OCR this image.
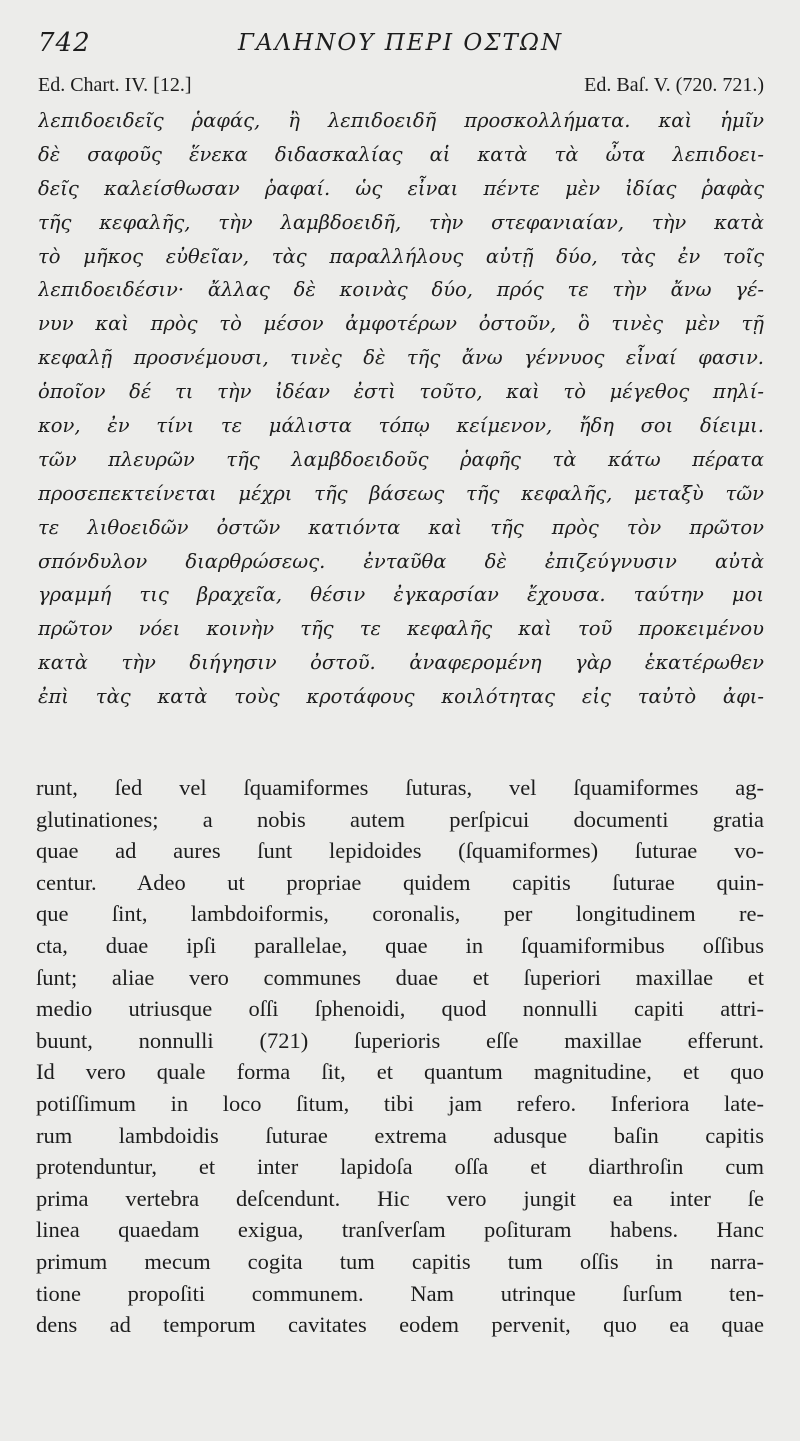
742	ΓΑΛΗΝΟΥ ΠΕΡΙ ΟΣΤΩΝ
Ed. Chart. IV. [12.]	Ed. Baſ. V. (720. 721.)
λεπιδοειδεῖς ῥαφάς, ἢ λεπιδοειδῆ προσκολλήματα. καὶ ἡμῖν
δὲ σαφοῦς ἕνεκα διδασκαλίας αἱ κατὰ τὰ ὦτα λεπιδοει-
δεῖς καλείσθωσαν ῥαφαί. ὡς εἶναι πέντε μὲν ἰδίας ῥαφὰς
τῆς κεφαλῆς, τὴν λαμβδοειδῆ, τὴν στεφανιαίαν, τὴν κατὰ
τὸ μῆκος εὐθεῖαν, τὰς παραλλήλους αὐτῇ δύο, τὰς ἐν τοῖς
λεπιδοειδέσιν· ἄλλας δὲ κοινὰς δύο, πρός τε τὴν ἄνω γέ-
νυν καὶ πρὸς τὸ μέσον ἀμφοτέρων ὀστοῦν, ὃ τινὲς μὲν τῇ
κεφαλῇ προσνέμουσι, τινὲς δὲ τῆς ἄνω γέννυος εἶναί φασιν.
ὁποῖον δέ τι τὴν ἰδέαν ἐστὶ τοῦτο, καὶ τὸ μέγεθος πηλί-
κον, ἐν τίνι τε μάλιστα τόπῳ κείμενον, ἤδη σοι δίειμι.
τῶν πλευρῶν τῆς λαμβδοειδοῦς ῥαφῆς τὰ κάτω πέρατα
προσεπεκτείνεται μέχρι τῆς βάσεως τῆς κεφαλῆς, μεταξὺ τῶν
τε λιθοειδῶν ὀστῶν κατιόντα καὶ τῆς πρὸς τὸν πρῶτον
σπόνδυλον διαρθρώσεως. ἐνταῦθα δὲ ἐπιζεύγνυσιν αὐτὰ
γραμμή τις βραχεῖα, θέσιν ἐγκαρσίαν ἔχουσα. ταύτην μοι
πρῶτον νόει κοινὴν τῆς τε κεφαλῆς καὶ τοῦ προκειμένου
κατὰ τὴν διήγησιν ὀστοῦ. ἀναφερομένη γὰρ ἑκατέρωθεν
ἐπὶ τὰς κατὰ τοὺς κροτάφους κοιλότητας εἰς ταὐτὸ ἀφι-
runt, ſed vel ſquamiformes ſuturas, vel ſquamiformes ag-
glutinationes; a nobis autem perſpicui documenti gratia
quae ad aures ſunt lepidoides (ſquamiformes) ſuturae vo-
centur. Adeo ut propriae quidem capitis ſuturae quin-
que ſint, lambdoiformis, coronalis, per longitudinem re-
cta, duae ipſi parallelae, quae in ſquamiformibus oſſibus
ſunt; aliae vero communes duae et ſuperiori maxillae et
medio utriusque oſſi ſphenoidi, quod nonnulli capiti attri-
buunt, nonnulli (721) ſuperioris eſſe maxillae efferunt.
Id vero quale forma ſit, et quantum magnitudine, et quo
potiſſimum in loco ſitum, tibi jam refero. Inferiora late-
rum lambdoidis ſuturae extrema adusque baſin capitis
protenduntur, et inter lapidoſa oſſa et diarthroſin cum
prima vertebra deſcendunt. Hic vero jungit ea inter ſe
linea quaedam exigua, tranſverſam poſituram habens. Hanc
primum mecum cogita tum capitis tum oſſis in narra-
tione propoſiti communem. Nam utrinque ſurſum ten-
dens ad temporum cavitates eodem pervenit, quo ea quae
